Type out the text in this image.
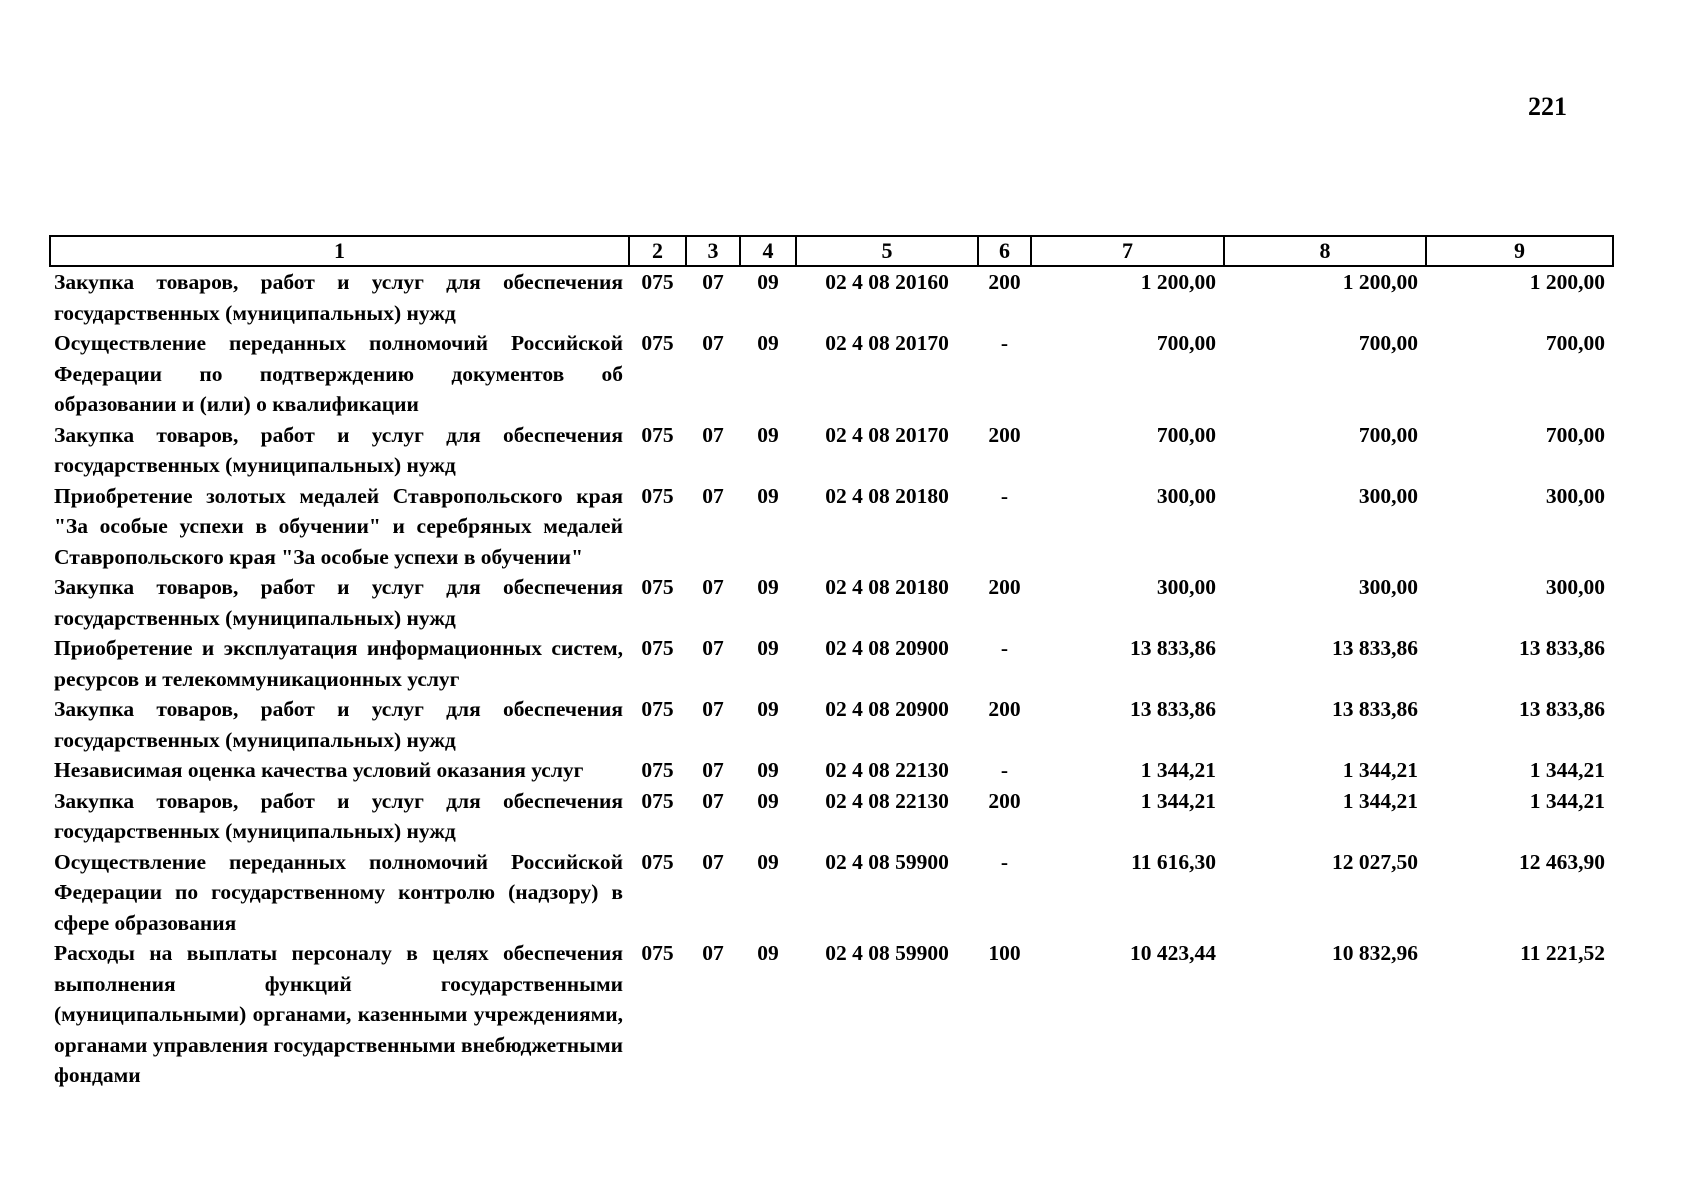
221
1	2	3	4	5	6	7	8	9
Закупка товаров, работ и услуг для обеспечения государственных (муниципальных) нужд	075	07	09	02 4 08 20160	200	1 200,00	1 200,00	1 200,00
Осуществление переданных полномочий Российской Федерации по подтверждению документов об образовании и (или) о квалификации	075	07	09	02 4 08 20170	-	700,00	700,00	700,00
Закупка товаров, работ и услуг для обеспечения государственных (муниципальных) нужд	075	07	09	02 4 08 20170	200	700,00	700,00	700,00
Приобретение золотых медалей Ставропольского края "За особые успехи в обучении" и серебряных медалей Ставропольского края "За особые успехи в обучении"	075	07	09	02 4 08 20180	-	300,00	300,00	300,00
Закупка товаров, работ и услуг для обеспечения государственных (муниципальных) нужд	075	07	09	02 4 08 20180	200	300,00	300,00	300,00
Приобретение и эксплуатация информационных систем, ресурсов и телекоммуникационных услуг	075	07	09	02 4 08 20900	-	13 833,86	13 833,86	13 833,86
Закупка товаров, работ и услуг для обеспечения государственных (муниципальных) нужд	075	07	09	02 4 08 20900	200	13 833,86	13 833,86	13 833,86
Независимая оценка качества условий оказания услуг	075	07	09	02 4 08 22130	-	1 344,21	1 344,21	1 344,21
Закупка товаров, работ и услуг для обеспечения государственных (муниципальных) нужд	075	07	09	02 4 08 22130	200	1 344,21	1 344,21	1 344,21
Осуществление переданных полномочий Российской Федерации по государственному контролю (надзору) в сфере образования	075	07	09	02 4 08 59900	-	11 616,30	12 027,50	12 463,90
Расходы на выплаты персоналу в целях обеспечения выполнения функций государственными (муниципальными) органами, казенными учреждениями, органами управления государственными внебюджетными фондами	075	07	09	02 4 08 59900	100	10 423,44	10 832,96	11 221,52
